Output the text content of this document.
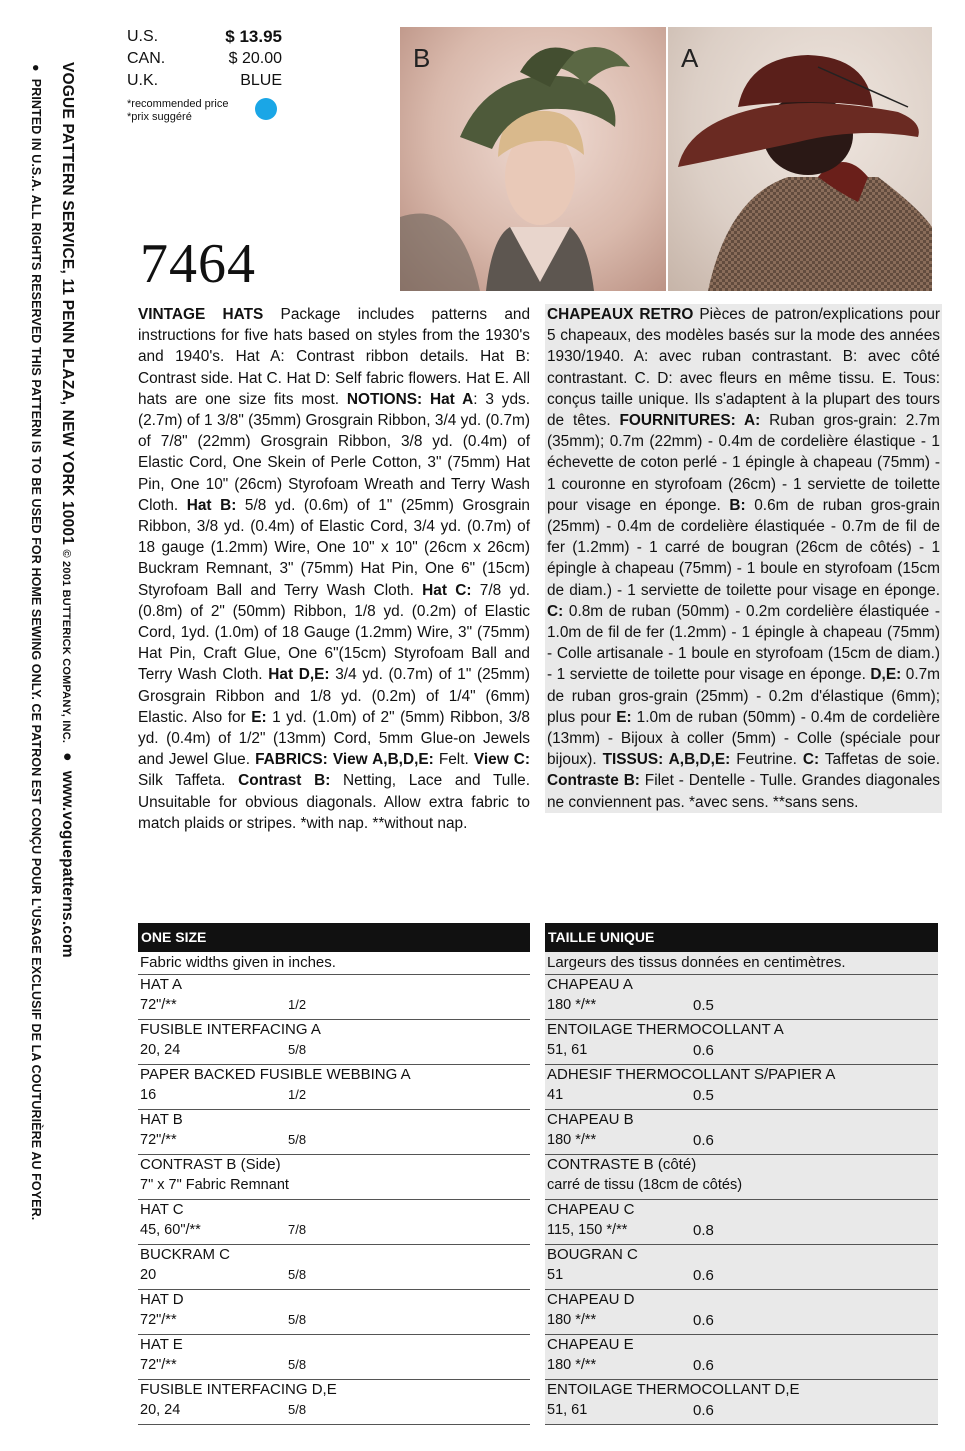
VOGUE PATTERN SERVICE, 11 PENN PLAZA, NEW YORK 10001 © 2001 BUTTERICK COMPANY, INC.  ●  www.voguepatterns.com
●  PRINTED IN U.S.A. ALL RIGHTS RESERVED THIS PATTERN IS TO BE USED FOR HOME SEWING ONLY. CE PATRON EST CONÇU POUR L'USAGE EXCLUSIF DE LA COUTURIÈRE AU FOYER.
U.S.	$ 13.95
CAN.	$ 20.00
U.K.	BLUE
*recommended price
*prix suggéré
7464
B	A
VINTAGE HATS Package includes patterns and instructions for five hats based on styles from the 1930's and 1940's. Hat A: Contrast ribbon details. Hat B: Contrast side. Hat C. Hat D: Self fabric flowers. Hat E. All hats are one size fits most. NOTIONS: Hat A: 3 yds. (2.7m) of 1 3/8" (35mm) Grosgrain Ribbon, 3/4 yd. (0.7m) of 7/8" (22mm) Grosgrain Ribbon, 3/8 yd. (0.4m) of Elastic Cord, One Skein of Perle Cotton, 3" (75mm) Hat Pin, One 10" (26cm) Styrofoam Wreath and Terry Wash Cloth. Hat B: 5/8 yd. (0.6m) of 1" (25mm) Grosgrain Ribbon, 3/8 yd. (0.4m) of Elastic Cord, 3/4 yd. (0.7m) of 18 gauge (1.2mm) Wire, One 10" x 10" (26cm x 26cm) Buckram Remnant, 3" (75mm) Hat Pin, One 6" (15cm) Styrofoam Ball and Terry Wash Cloth. Hat C: 7/8 yd. (0.8m) of 2" (50mm) Ribbon, 1/8 yd. (0.2m) of Elastic Cord, 1yd. (1.0m) of 18 Gauge (1.2mm) Wire, 3" (75mm) Hat Pin, Craft Glue, One 6"(15cm) Styrofoam Ball and Terry Wash Cloth. Hat D,E: 3/4 yd. (0.7m) of 1" (25mm) Grosgrain Ribbon and 1/8 yd. (0.2m) of 1/4" (6mm) Elastic. Also for E: 1 yd. (1.0m) of 2" (5mm) Ribbon, 3/8 yd. (0.4m) of 1/2" (13mm) Cord, 5mm Glue-on Jewels and Jewel Glue. FABRICS: View A,B,D,E: Felt. View C: Silk Taffeta. Contrast B: Netting, Lace and Tulle. Unsuitable for obvious diagonals. Allow extra fabric to match plaids or stripes. *with nap. **without nap.
CHAPEAUX RETRO Pièces de patron/explications pour 5 chapeaux, des modèles basés sur la mode des années 1930/1940. A: avec ruban contrastant. B: avec côté contrastant. C. D: avec fleurs en même tissu. E. Tous: conçus taille unique. Ils s'adaptent à la plupart des tours de têtes. FOURNITURES: A: Ruban gros-grain: 2.7m (35mm); 0.7m (22mm) - 0.4m de cordelière élastique - 1 échevette de coton perlé - 1 épingle à chapeau (75mm) - 1 couronne en styrofoam (26cm) - 1 serviette de toilette pour visage en éponge. B: 0.6m de ruban gros-grain (25mm) - 0.4m de cordelière élastiquée - 0.7m de fil de fer (1.2mm) - 1 carré de bougran (26cm de côtés) - 1 épingle à chapeau (75mm) - 1 boule en styrofoam (15cm de diam.) - 1 serviette de toilette pour visage en éponge. C: 0.8m de ruban (50mm) - 0.2m cordelière élastiquée - 1.0m de fil de fer (1.2mm) - 1 épingle à chapeau (75mm) - Colle artisanale - 1 boule en styrofoam (15cm de diam.) - 1 serviette de toilette pour visage en éponge. D,E: 0.7m de ruban gros-grain (25mm) - 0.2m d'élastique (6mm); plus pour E: 1.0m de ruban (50mm) - 0.4m de cordelière (13mm) - Bijoux à coller (5mm) - Colle (spéciale pour bijoux). TISSUS: A,B,D,E: Feutrine. C: Taffetas de soie. Contraste B: Filet - Dentelle - Tulle. Grandes diagonales ne conviennent pas. *avec sens. **sans sens.
ONE SIZE
Fabric widths given in inches.
HAT A
72"/**	1/2
FUSIBLE INTERFACING A
20, 24	5/8
PAPER BACKED FUSIBLE WEBBING A
16	1/2
HAT B
72"/**	5/8
CONTRAST B (Side)
7" x 7" Fabric Remnant
HAT C
45, 60"/**	7/8
BUCKRAM C
20	5/8
HAT D
72"/**	5/8
HAT E
72"/**	5/8
FUSIBLE INTERFACING D,E
20, 24	5/8
TAILLE UNIQUE
Largeurs des tissus données en centimètres.
CHAPEAU A
180 */**	0.5
ENTOILAGE THERMOCOLLANT A
51, 61	0.6
ADHESIF THERMOCOLLANT S/PAPIER A
41	0.5
CHAPEAU B
180 */**	0.6
CONTRASTE B (côté)
carré de tissu (18cm de côtés)
CHAPEAU C
115, 150 */**	0.8
BOUGRAN C
51	0.6
CHAPEAU D
180 */**	0.6
CHAPEAU E
180 */**	0.6
ENTOILAGE THERMOCOLLANT D,E
51, 61	0.6
